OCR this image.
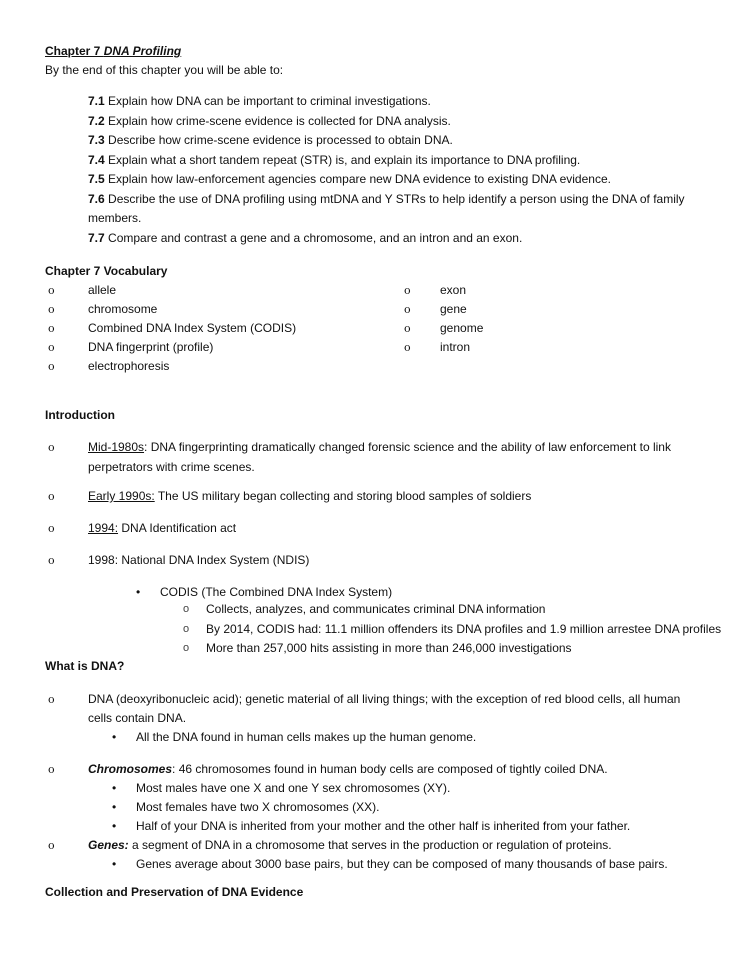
Chapter 7 DNA Profiling
By the end of this chapter you will be able to:
7.1 Explain how DNA can be important to criminal investigations.
7.2 Explain how crime-scene evidence is collected for DNA analysis.
7.3 Describe how crime-scene evidence is processed to obtain DNA.
7.4 Explain what a short tandem repeat (STR) is, and explain its importance to DNA profiling.
7.5 Explain how law-enforcement agencies compare new DNA evidence to existing DNA evidence.
7.6 Describe the use of DNA profiling using mtDNA and Y STRs to help identify a person using the DNA of family
members.
7.7 Compare and contrast a gene and a chromosome, and an intron and an exon.
Chapter 7 Vocabulary
o	allele
o	chromosome
o	Combined DNA Index System (CODIS)
o	DNA fingerprint (profile)
o	electrophoresis
o exon
o gene
o genome
o intron
Introduction
o	Mid-1980s: DNA fingerprinting dramatically changed forensic science and the ability of law enforcement to link
perpetrators with crime scenes.
o	Early 1990s: The US military began collecting and storing blood samples of soldiers
o	1994: DNA Identification act
o	1998: National DNA Index System (NDIS)
• CODIS (The Combined DNA Index System)
o Collects, analyzes, and communicates criminal DNA information
o By 2014, CODIS had: 11.1 million offenders its DNA profiles and 1.9 million arrestee DNA profiles
o More than 257,000 hits assisting in more than 246,000 investigations
What is DNA?
o	DNA (deoxyribonucleic acid); genetic material of all living things; with the exception of red blood cells, all human
cells contain DNA.
• All the DNA found in human cells makes up the human genome.
o	Chromosomes: 46 chromosomes found in human body cells are composed of tightly coiled DNA.
• Most males have one X and one Y sex chromosomes (XY).
• Most females have two X chromosomes (XX).
• Half of your DNA is inherited from your mother and the other half is inherited from your father.
o	Genes: a segment of DNA in a chromosome that serves in the production or regulation of proteins.
• Genes average about 3000 base pairs, but they can be composed of many thousands of base pairs.
Collection and Preservation of DNA Evidence
